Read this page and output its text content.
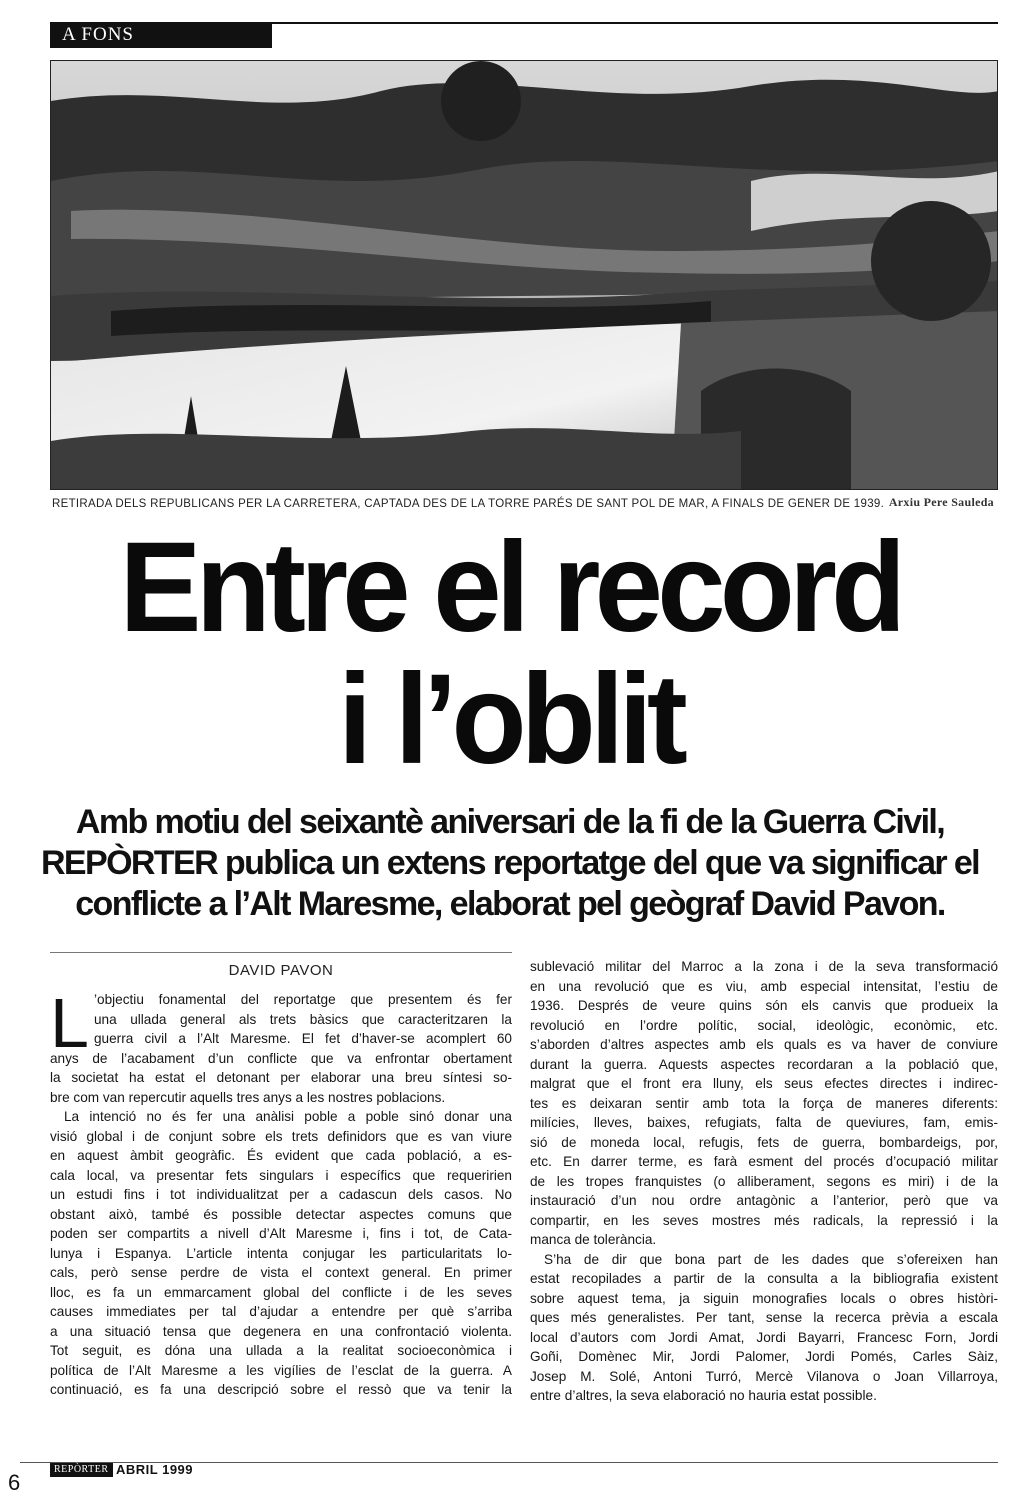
A FONS
RETIRADA DELS REPUBLICANS PER LA CARRETERA, CAPTADA DES DE LA TORRE PARÉS DE SANT POL DE MAR, A FINALS DE GENER DE 1939. Arxiu Pere Sauleda
Entre el record
i l’oblit
Amb motiu del seixantè aniversari de la fi de la Guerra Civil,
REPÒRTER publica un extens reportatge del que va significar el
conflicte a l’Alt Maresme, elaborat pel geògraf David Pavon.
DAVID PAVON
L ’objectiu fonamental del reportatge que presentem és fer
una ullada general als trets bàsics que caracteritzaren la
guerra civil a l’Alt Maresme. El fet d’haver-se acomplert 60
anys de l’acabament d’un conflicte que va enfrontar obertament
la societat ha estat el detonant per elaborar una breu síntesi so-
bre com van repercutir aquells tres anys a les nostres poblacions.
La intenció no és fer una anàlisi poble a poble sinó donar una
visió global i de conjunt sobre els trets definidors que es van viure
en aquest àmbit geogràfic. És evident que cada població, a es-
cala local, va presentar fets singulars i específics que requeririen
un estudi fins i tot individualitzat per a cadascun dels casos. No
obstant això, també és possible detectar aspectes comuns que
poden ser compartits a nivell d’Alt Maresme i, fins i tot, de Cata-
lunya i Espanya. L’article intenta conjugar les particularitats lo-
cals, però sense perdre de vista el context general. En primer
lloc, es fa un emmarcament global del conflicte i de les seves
causes immediates per tal d’ajudar a entendre per què s’arriba
a una situació tensa que degenera en una confrontació violenta.
Tot seguit, es dóna una ullada a la realitat socioeconòmica i
política de l’Alt Maresme a les vigílies de l’esclat de la guerra. A
continuació, es fa una descripció sobre el ressò que va tenir la
sublevació militar del Marroc a la zona i de la seva transformació
en una revolució que es viu, amb especial intensitat, l’estiu de
1936. Després de veure quins són els canvis que produeix la
revolució en l’ordre polític, social, ideològic, econòmic, etc.
s’aborden d’altres aspectes amb els quals es va haver de conviure
durant la guerra. Aquests aspectes recordaran a la població que,
malgrat que el front era lluny, els seus efectes directes i indirec-
tes es deixaran sentir amb tota la força de maneres diferents:
milícies, lleves, baixes, refugiats, falta de queviures, fam, emis-
sió de moneda local, refugis, fets de guerra, bombardeigs, por,
etc. En darrer terme, es farà esment del procés d’ocupació militar
de les tropes franquistes (o alliberament, segons es miri) i de la
instauració d’un nou ordre antagònic a l’anterior, però que va
compartir, en les seves mostres més radicals, la repressió i la
manca de tolerància.
S’ha de dir que bona part de les dades que s’ofereixen han
estat recopilades a partir de la consulta a la bibliografia existent
sobre aquest tema, ja siguin monografies locals o obres històri-
ques més generalistes. Per tant, sense la recerca prèvia a escala
local d’autors com Jordi Amat, Jordi Bayarri, Francesc Forn, Jordi
Goñi, Domènec Mir, Jordi Palomer, Jordi Pomés, Carles Sàiz,
Josep M. Solé, Antoni Turró, Mercè Vilanova o Joan Villarroya,
entre d’altres, la seva elaboració no hauria estat possible.
REPÒRTER ABRIL 1999
6
